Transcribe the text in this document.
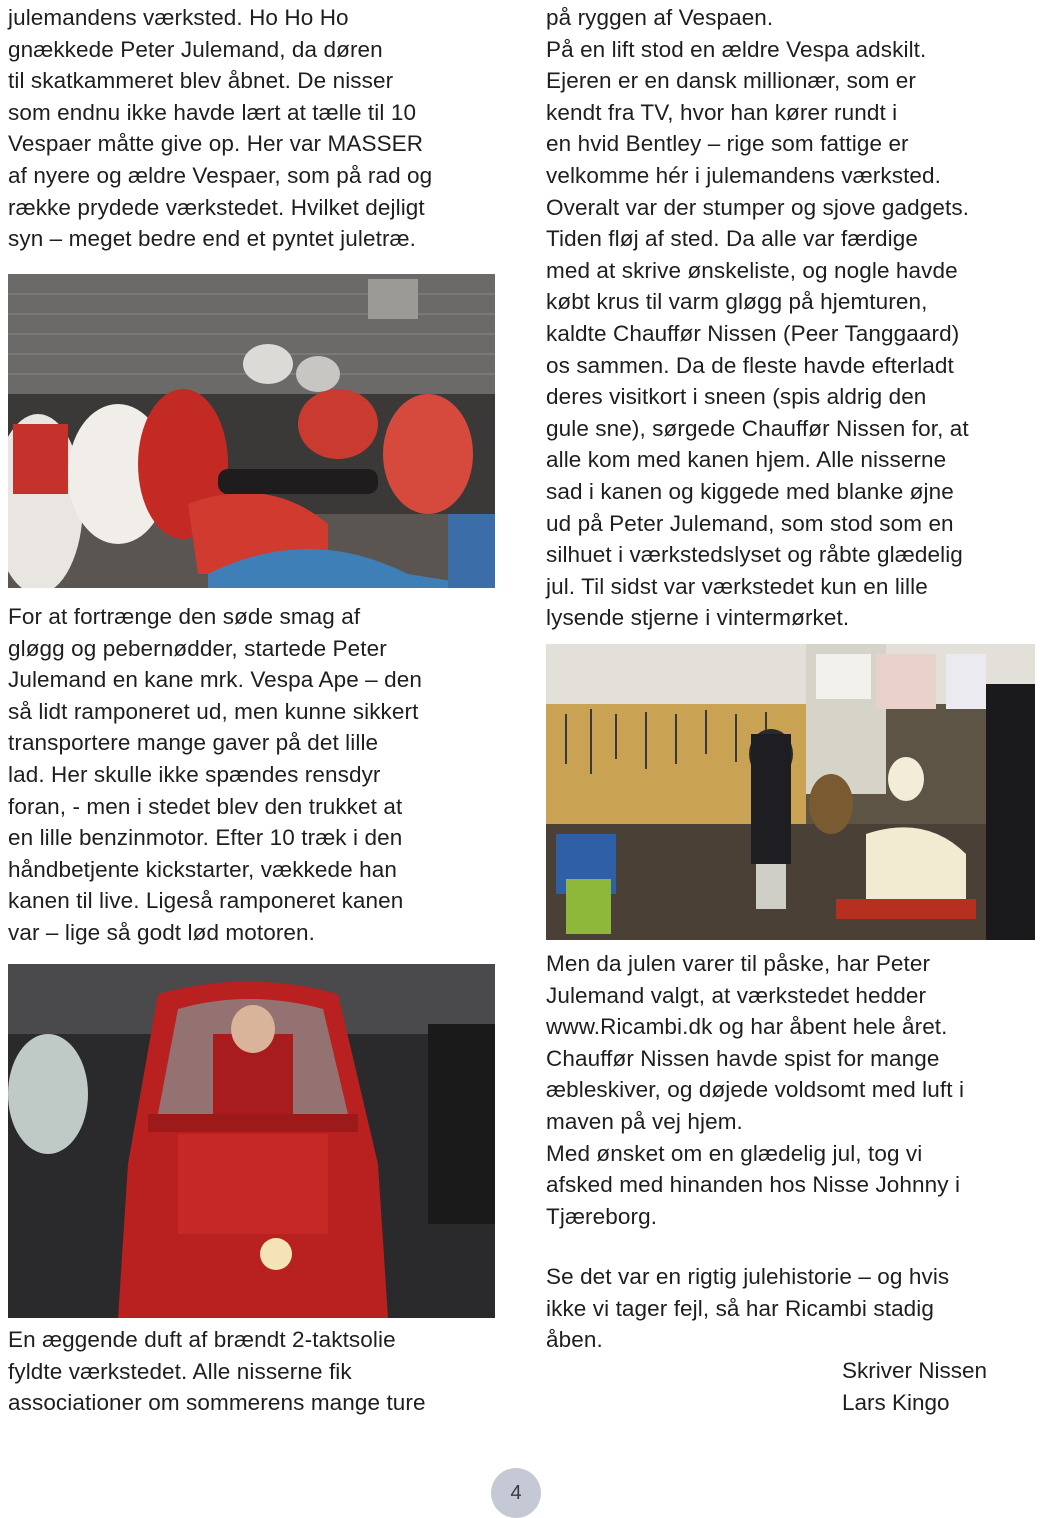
julemandens værksted. Ho Ho Ho
gnækkede Peter Julemand, da døren
til skatkammeret blev åbnet. De nisser
som endnu ikke havde lært at tælle til 10
Vespaer måtte give op. Her var MASSER
af nyere og ældre Vespaer, som på rad og
række prydede værkstedet. Hvilket dejligt
syn – meget bedre end et pyntet juletræ.

For at fortrænge den søde smag af
gløgg og pebernødder, startede Peter
Julemand en kane mrk. Vespa Ape – den
så lidt ramponeret ud, men kunne sikkert
transportere mange gaver på det lille
lad. Her skulle ikke spændes rensdyr
foran, - men i stedet blev den trukket at
en lille benzinmotor. Efter 10 træk i den
håndbetjente kickstarter, vækkede han
kanen til live. Ligeså ramponeret kanen
var – lige så godt lød motoren.

En æggende duft af brændt 2-taktsolie
fyldte værkstedet. Alle nisserne fik
associationer om sommerens mange ture

på ryggen af Vespaen.
På en lift stod en ældre Vespa adskilt.
Ejeren er en dansk millionær, som er
kendt fra TV, hvor han kører rundt i
en hvid Bentley – rige som fattige er
velkomme hér i julemandens værksted.
Overalt var der stumper og sjove gadgets.
Tiden fløj af sted. Da alle var færdige
med at skrive ønskeliste, og nogle havde
købt krus til varm gløgg på hjemturen,
kaldte Chauffør Nissen (Peer Tanggaard)
os sammen. Da de fleste havde efterladt
deres visitkort i sneen (spis aldrig den
gule sne), sørgede Chauffør Nissen for, at
alle kom med kanen hjem. Alle nisserne
sad i kanen og kiggede med blanke øjne
ud på Peter Julemand, som stod som en
silhuet i værkstedslyset og råbte glædelig
jul. Til sidst var værkstedet kun en lille
lysende stjerne i vintermørket.

Men da julen varer til påske, har Peter
Julemand valgt, at værkstedet hedder
www.Ricambi.dk og har åbent hele året.
Chauffør Nissen havde spist for mange
æbleskiver, og døjede voldsomt med luft i
maven på vej hjem.
Med ønsket om en glædelig jul, tog vi
afsked med hinanden hos Nisse Johnny i
Tjæreborg.

Se det var en rigtig julehistorie – og hvis
ikke vi tager fejl, så har Ricambi stadig
åben.

Skriver Nissen
Lars Kingo
4
